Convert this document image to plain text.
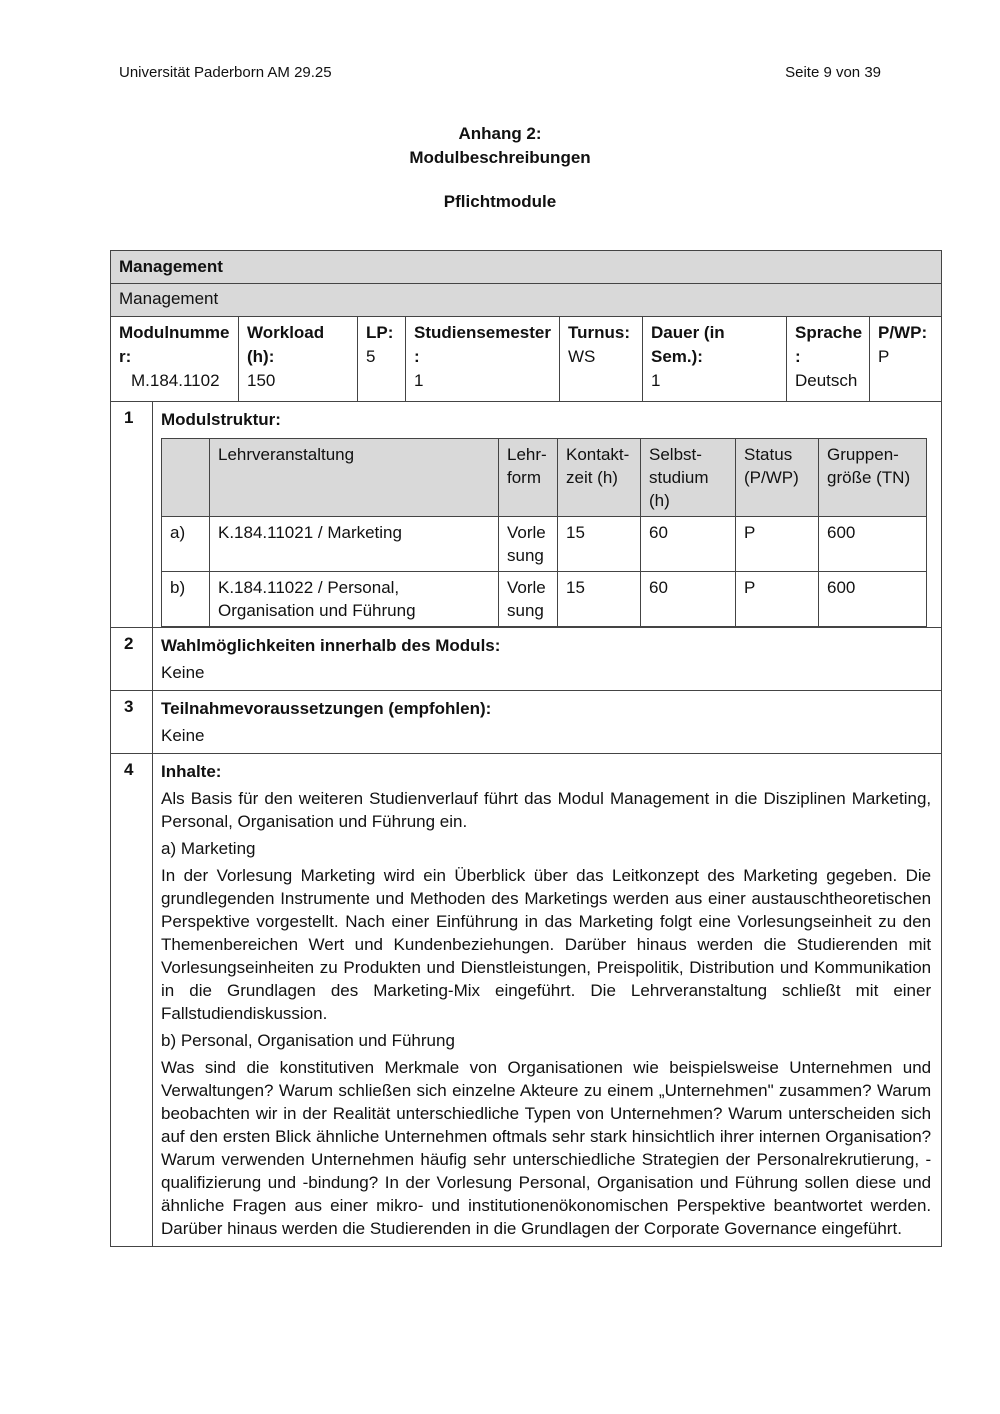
Universität Paderborn AM 29.25	Seite 9 von 39
Anhang 2:
Modulbeschreibungen
Pflichtmodule
Management
Management

Modulnumme r:
M.184.1102

Workload (h):
150	
LP:
5	
Studiensemester :
1	
Turnus:
WS	
Dauer (in Sem.):
1	
Sprache :
Deutsch	
P/WP:
P
1	Modulstruktur:
	Lehrveranstaltung	Lehr- form	Kontakt- zeit (h)	Selbst- studium (h)	Status (P/WP)	Gruppen- größe (TN)
a)	K.184.11021 / Marketing	Vorle sung	15	60	P	600
b)	K.184.11022 / Personal, Organisation und Führung	Vorle sung	15	60	P	600

2	Wahlmöglichkeiten innerhalb des Moduls:
Keine

3	Teilnahmevoraussetzungen (empfohlen):
Keine

4	Inhalte:
Als Basis für den weiteren Studienverlauf führt das Modul Management in die Disziplinen Marketing, Personal, Organisation und Führung ein.
a) Marketing
In der Vorlesung Marketing wird ein Überblick über das Leitkonzept des Marketing gegeben. Die grundlegenden Instrumente und Methoden des Marketings werden aus einer austauschtheoretischen Perspektive vorgestellt. Nach einer Einführung in das Marketing folgt eine Vorlesungseinheit zu den Themenbereichen Wert und Kundenbeziehungen. Darüber hinaus werden die Studierenden mit Vorlesungseinheiten zu Produkten und Dienstleistungen, Preispolitik, Distribution und Kommunikation in die Grundlagen des Marketing-Mix eingeführt. Die Lehrveranstaltung schließt mit einer Fallstudiendiskussion.
b) Personal, Organisation und Führung
Was sind die konstitutiven Merkmale von Organisationen wie beispielsweise Unternehmen und Verwaltungen? Warum schließen sich einzelne Akteure zu einem „Unternehmen" zusammen? Warum beobachten wir in der Realität unterschiedliche Typen von Unternehmen? Warum unterscheiden sich auf den ersten Blick ähnliche Unternehmen oftmals sehr stark hinsichtlich ihrer internen Organisation? Warum verwenden Unternehmen häufig sehr unterschiedliche Strategien der Personalrekrutierung, -qualifizierung und -bindung? In der Vorlesung Personal, Organisation und Führung sollen diese und ähnliche Fragen aus einer mikro- und institutionenökonomischen Perspektive beantwortet werden. Darüber hinaus werden die Studierenden in die Grundlagen der Corporate Governance eingeführt.
